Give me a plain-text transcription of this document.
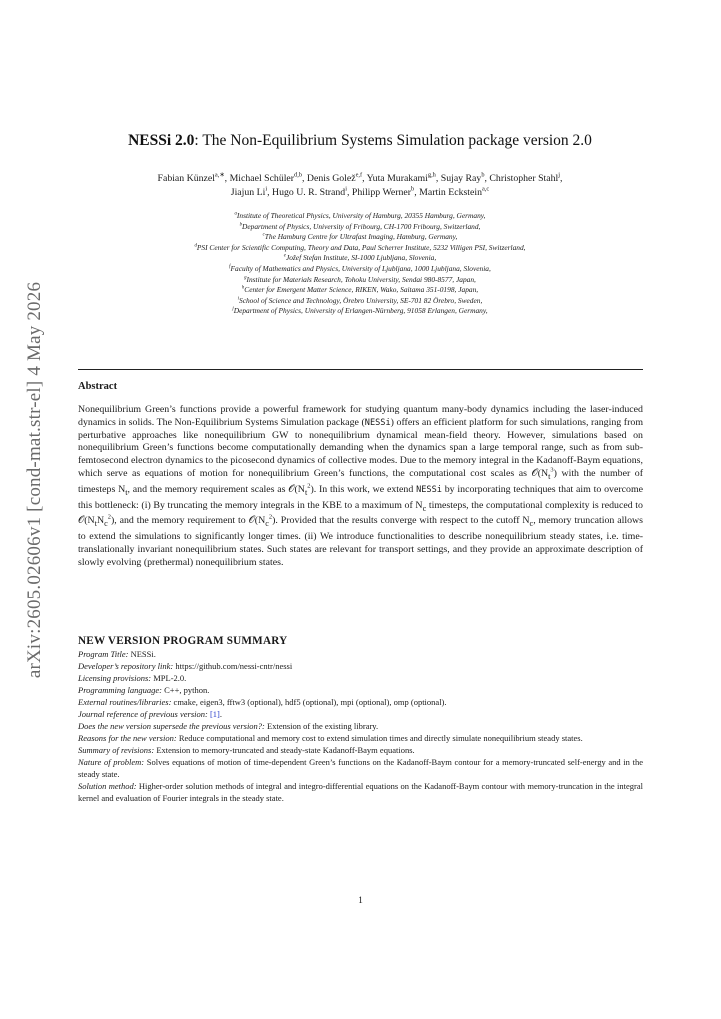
arXiv:2605.02606v1 [cond-mat.str-el] 4 May 2026
NESSi 2.0: The Non-Equilibrium Systems Simulation package version 2.0
Fabian Künzel$^{a,∗}$, Michael Schüler$^{d,b}$, Denis Golež$^{e,f}$, Yuta Murakami$^{g,h}$, Sujay Ray$^b$, Christopher Stahl$^j$,
Jiajun Li$^i$, Hugo U. R. Strand$^i$, Philipp Werner$^b$, Martin Eckstein$^{a,c}$
$^a$Institute of Theoretical Physics, University of Hamburg, 20355 Hamburg, Germany,
$^b$Department of Physics, University of Fribourg, CH-1700 Fribourg, Switzerland,
$^c$The Hamburg Centre for Ultrafast Imaging, Hamburg, Germany,
$^d$PSI Center for Scientific Computing, Theory and Data, Paul Scherrer Institute, 5232 Villigen PSI, Switzerland,
$^e$Jožef Stefan Institute, SI-1000 Ljubljana, Slovenia,
$^f$Faculty of Mathematics and Physics, University of Ljubljana, 1000 Ljubljana, Slovenia,
$^g$Institute for Materials Research, Tohoku University, Sendai 980-8577, Japan,
$^h$Center for Emergent Matter Science, RIKEN, Wako, Saitama 351-0198, Japan,
$^i$School of Science and Technology, Örebro University, SE-701 82 Örebro, Sweden,
$^j$Department of Physics, University of Erlangen-Nürnberg, 91058 Erlangen, Germany,
Abstract

Nonequilibrium Green’s functions provide a powerful framework for studying quantum many-body dynamics including the laser-induced dynamics in solids. The Non-Equilibrium Systems Simulation package (NESSi) offers an efficient platform for such simulations, ranging from perturbative approaches like nonequilibrium GW to nonequilibrium dynamical mean-field theory. However, simulations based on nonequilibrium Green’s functions become computationally demanding when the dynamics span a large temporal range, such as from sub-femtosecond electron dynamics to the picosecond dynamics of collective modes. Due to the memory integral in the Kadanoff-Baym equations, which serve as equations of motion for nonequilibrium Green’s functions, the computational cost scales as $𝒪(N_t^3)$ with the number of timesteps $N_t$, and the memory requirement scales as $𝒪(N_t^2)$. In this work, we extend NESSi by incorporating techniques that aim to overcome this bottleneck: (i) By truncating the memory integrals in the KBE to a maximum of $N_c$ timesteps, the computational complexity is reduced to $𝒪(N_tN_c^2)$, and the memory requirement to $𝒪(N_c^2)$. Provided that the results converge with respect to the cutoff $N_c$, memory truncation allows to extend the simulations to significantly longer times. (ii) We introduce functionalities to describe nonequilibrium steady states, i.e. time-translationally invariant nonequilibrium states. Such states are relevant for transport settings, and they provide an approximate description of slowly evolving (prethermal) nonequilibrium states.

NEW VERSION PROGRAM SUMMARY
Program Title: NESSi.
Developer’s repository link: https://github.com/nessi-cntr/nessi
Licensing provisions: MPL-2.0.
Programming language: C++, python.
External routines/libraries: cmake, eigen3, fftw3 (optional), hdf5 (optional), mpi (optional), omp (optional).
Journal reference of previous version: [1].
Does the new version supersede the previous version?: Extension of the existing library.
Reasons for the new version: Reduce computational and memory cost to extend simulation times and directly simulate nonequilibrium steady states.
Summary of revisions: Extension to memory-truncated and steady-state Kadanoff-Baym equations.
Nature of problem: Solves equations of motion of time-dependent Green’s functions on the Kadanoff-Baym contour for a memory-truncated self-energy and in the steady state.
Solution method: Higher-order solution methods of integral and integro-differential equations on the Kadanoff-Baym contour with memory-truncation in the integral kernel and evaluation of Fourier integrals in the steady state.
1
